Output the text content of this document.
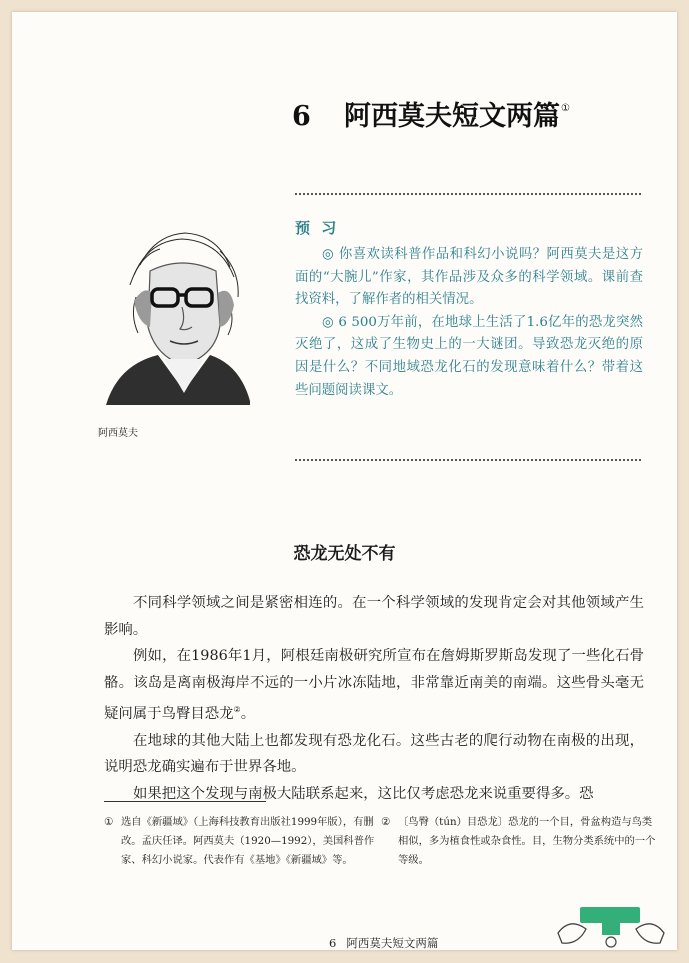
6 阿西莫夫短文两篇①
阿西莫夫
预 习

◎ 你喜欢读科普作品和科幻小说吗？阿西莫夫是这方面的“大腕儿”作家，其作品涉及众多的科学领域。课前查找资料，了解作者的相关情况。

◎ 6 500万年前，在地球上生活了1.6亿年的恐龙突然灭绝了，这成了生物史上的一大谜团。导致恐龙灭绝的原因是什么？不同地域恐龙化石的发现意味着什么？带着这些问题阅读课文。

恐龙无处不有

不同科学领域之间是紧密相连的。在一个科学领域的发现肯定会对其他领域产生影响。

例如，在1986年1月，阿根廷南极研究所宣布在詹姆斯罗斯岛发现了一些化石骨骼。该岛是离南极海岸不远的一小片冰冻陆地，非常靠近南美的南端。这些骨头毫无疑问属于鸟臀目恐龙②。

在地球的其他大陆上也都发现有恐龙化石。这些古老的爬行动物在南极的出现，说明恐龙确实遍布于世界各地。

如果把这个发现与南极大陆联系起来，这比仅考虑恐龙来说重要得多。恐

① 选自《新疆域》（上海科技教育出版社1999年版），有删改。孟庆任译。阿西莫夫（1920—1992），美国科普作家、科幻小说家。代表作有《基地》《新疆域》等。
② 〔鸟臀（tún）目恐龙〕恐龙的一个目，骨盆构造与鸟类相似，多为植食性或杂食性。目，生物分类系统中的一个等级。
6 阿西莫夫短文两篇
